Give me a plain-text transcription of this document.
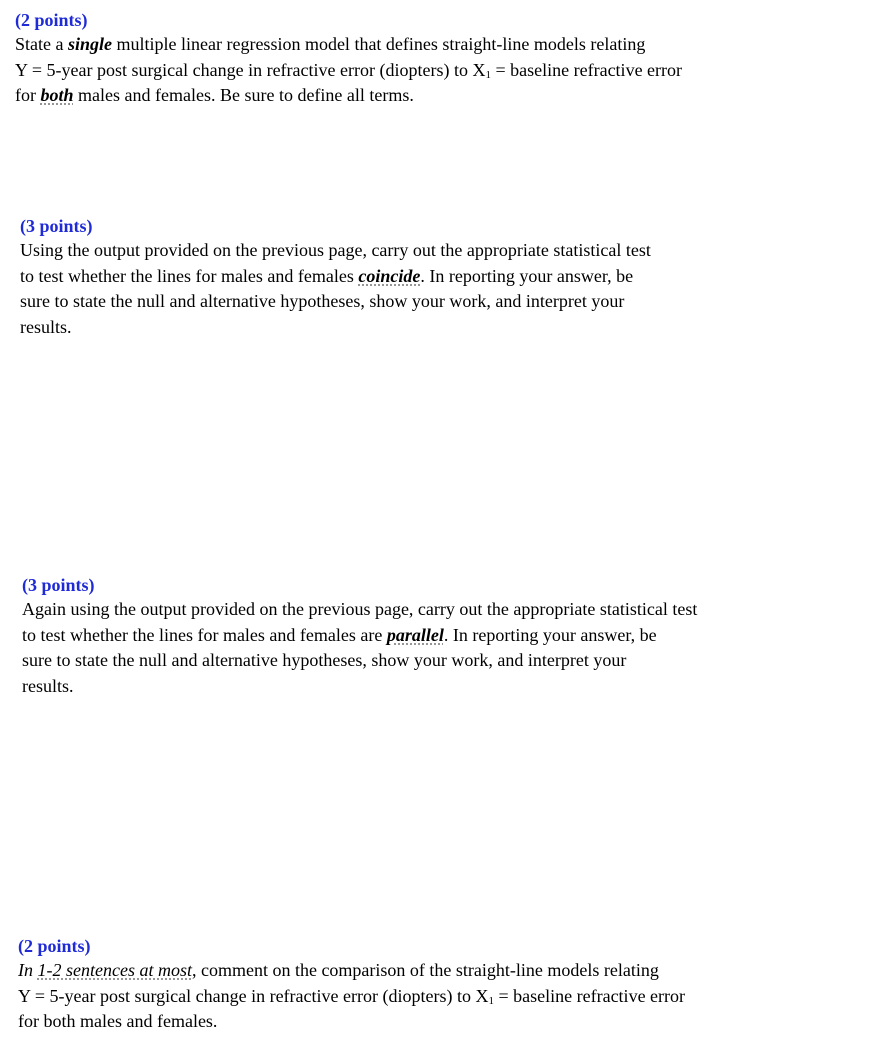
(2 points)
State a single multiple linear regression model that defines straight-line models relating
Y = 5-year post surgical change in refractive error (diopters) to $X_1$ = baseline refractive error
for both males and females. Be sure to define all terms.
(3 points)
Using the output provided on the previous page, carry out the appropriate statistical test
to test whether the lines for males and females coincide. In reporting your answer, be
sure to state the null and alternative hypotheses, show your work, and interpret your
results.
(3 points)
Again using the output provided on the previous page, carry out the appropriate statistical test
to test whether the lines for males and females are parallel. In reporting your answer, be
sure to state the null and alternative hypotheses, show your work, and interpret your
results.
(2 points)
In 1-2 sentences at most, comment on the comparison of the straight-line models relating
Y = 5-year post surgical change in refractive error (diopters) to $X_1$ = baseline refractive error
for both males and females.
